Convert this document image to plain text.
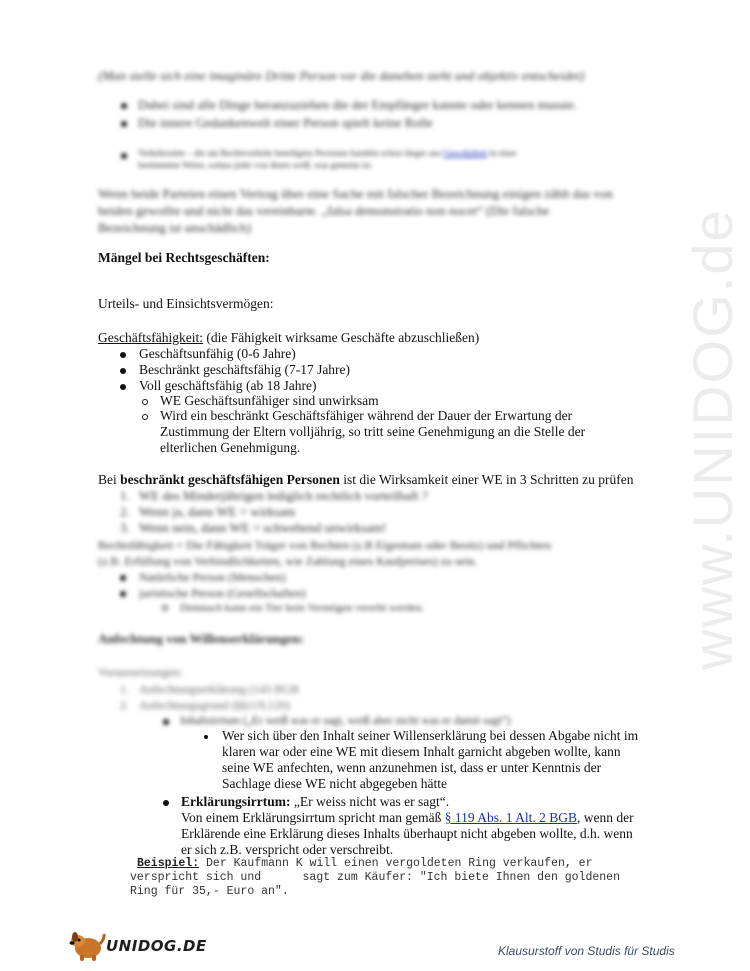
www.UNIDOG.de
(Man stelle sich eine imaginäre Dritte Person vor die daneben steht und objektiv entscheidet)
Dabei sind alle Dinge heranzuziehen die der Empfänger kannte oder kennen musste.
Die innere Gedankenwelt einer Person spielt keine Rolle
Verkehrssitte – die am Rechtsverkehr beteiligten Personen handeln schon länger aus Gewohnheit in einer
bestimmten Weise, sodass jeder von ihnen weiß, was gemeint ist.
Wenn beide Parteien einen Vertrag über eine Sache mit falscher Bezeichnung einigen zählt das von
beiden gewollte und nicht das vereinbarte. „falsa demonstratio non nocet“ (Die falsche
Bezeichnung ist unschädlich)
Mängel bei Rechtsgeschäften:
Urteils- und Einsichtsvermögen:
Geschäftsfähigkeit: (die Fähigkeit wirksame Geschäfte abzuschließen)
Geschäftsunfähig (0-6 Jahre)
Beschränkt geschäftsfähig (7-17 Jahre)
Voll geschäftsfähig (ab 18 Jahre)
WE Geschäftsunfähiger sind unwirksam
Wird ein beschränkt Geschäftsfähiger während der Dauer der Erwartung der
Zustimmung der Eltern volljährig, so tritt seine Genehmigung an die Stelle der
elterlichen Genehmigung.
Bei beschränkt geschäftsfähigen Personen ist die Wirksamkeit einer WE in 3 Schritten zu prüfen
1. WE des Minderjährigen lediglich rechtlich vorteilhaft ?
2. Wenn ja, dann WE = wirksam
3. Wenn nein, dann WE = schwebend unwirksam!
Rechtsfähigkeit = Die Fähigkeit Träger von Rechten (z.B Eigentum oder Besitz) und Pflichten
(z.B. Erfüllung von Verbindlichkeiten, wie Zahlung eines Kaufpreises) zu sein.
Natürliche Person (Menschen)
juristische Person (Gesellschaften)
Demnach kann ein Tier kein Vermögen vererbt werden.
Anfechtung von Willenserklärungen:
Voraussetzungen:
1. Anfechtungserklärung (143 BGB
2. Anfechtungsgrund (§§119,120)
Inhaltsirrtum („Er weiß was er sagt, weiß aber nicht was er damit sagt“)
Wer sich über den Inhalt seiner Willenserklärung bei dessen Abgabe nicht im
klaren war oder eine WE mit diesem Inhalt garnicht abgeben wollte, kann
seine WE anfechten, wenn anzunehmen ist, dass er unter Kenntnis der
Sachlage diese WE nicht abgegeben hätte
Erklärungsirrtum: „Er weiss nicht was er sagt“.
Von einem Erklärungsirrtum spricht man gemäß § 119 Abs. 1 Alt. 2 BGB, wenn der
Erklärende eine Erklärung dieses Inhalts überhaupt nicht abgeben wollte, d.h. wenn
er sich z.B. verspricht oder verschreibt.
Beispiel: Der Kaufmann K will einen vergoldeten Ring verkaufen, er
verspricht sich und      sagt zum Käufer: "Ich biete Ihnen den goldenen
Ring für 35,- Euro an".
UNIDOG.DE	Klausurstoff von Studis für Studis
